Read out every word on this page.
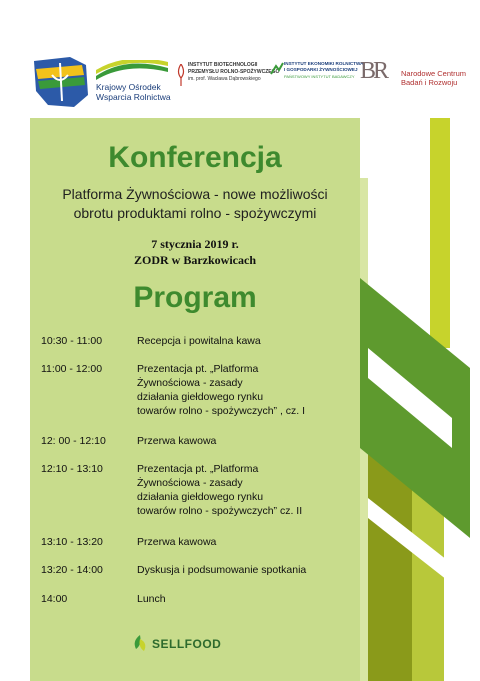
Krajowy Ośrodek
Wsparcia Rolnictwa
INSTYTUT BIOTECHNOLOGII
PRZEMYSŁU ROLNO-SPOŻYWCZEGO
im. prof. Wacława Dąbrowskiego
INSTYTUT EKONOMIKI ROLNICTWA
I GOSPODARKI ŻYWNOŚCIOWEJ
PAŃSTWOWY INSTYTUT BADAWCZY BR Narodowe Centrum
Badań i Rozwoju
Konferencja
Platforma Żywnościowa - nowe możliwości
obrotu produktami rolno - spożywczymi
7 stycznia 2019 r.
ZODR w Barzkowicach
Program
10:30 - 11:00	Recepcja i powitalna kawa
11:00 - 12:00	Prezentacja pt. „Platforma
Żywnościowa - zasady
działania giełdowego rynku
towarów rolno - spożywczych” , cz. I
12: 00 - 12:10	Przerwa kawowa
12:10 - 13:10	Prezentacja pt. „Platforma
Żywnościowa - zasady
działania giełdowego rynku
towarów rolno - spożywczych” cz. II
13:10 - 13:20	Przerwa kawowa
13:20 - 14:00	Dyskusja i podsumowanie spotkania
14:00	Lunch
SELLFOOD
